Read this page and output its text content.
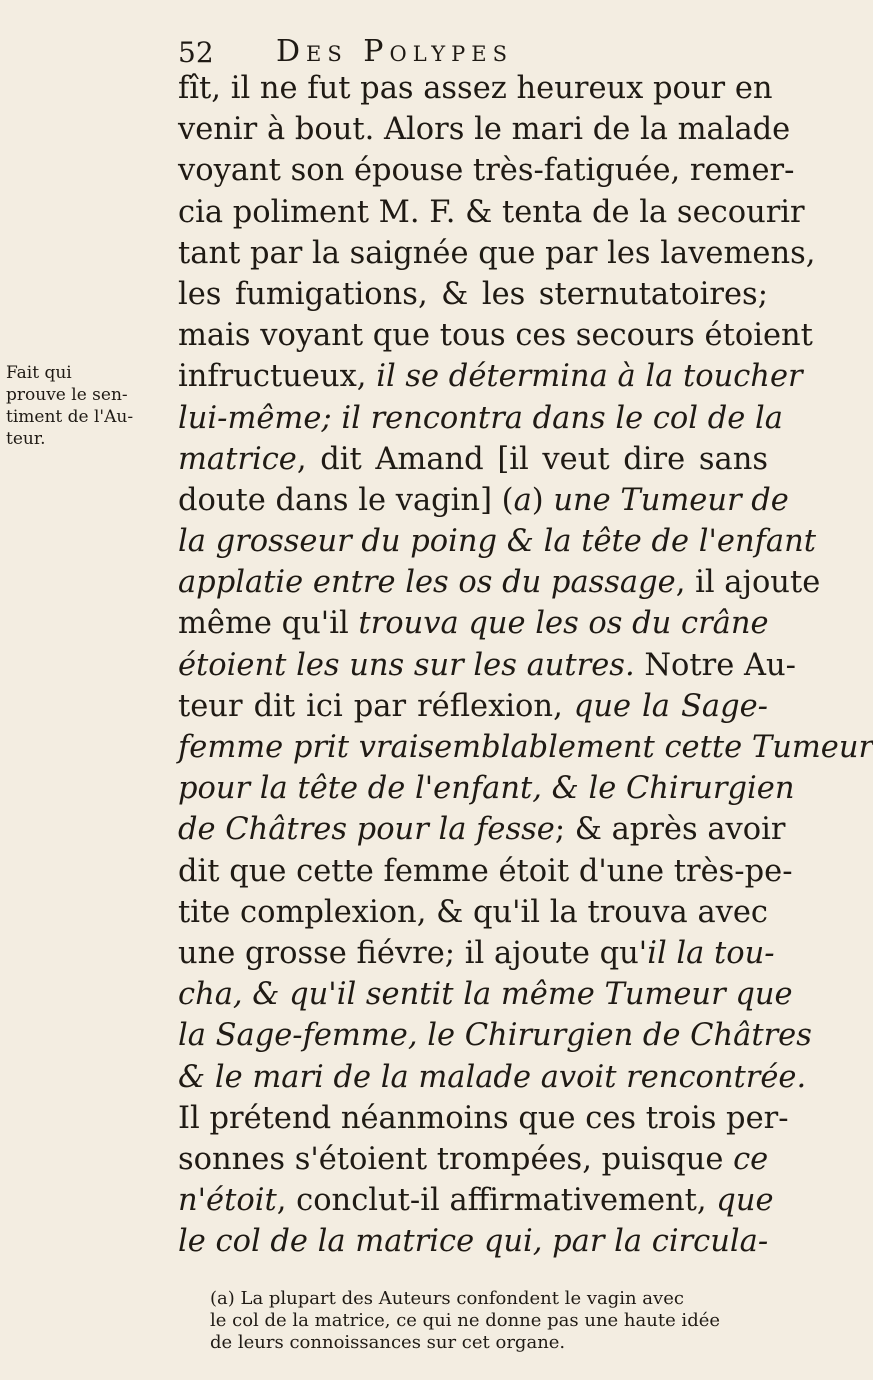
52 Des Polypes
Fait qui
prouve le sen-
timent de l'Au-
teur.
fît, il ne fut pas assez heureux pour en
venir à bout. Alors le mari de la malade
voyant son épouse très-fatiguée, remer-
cia poliment M. F. & tenta de la secourir
tant par la saignée que par les lavemens,
les fumigations, & les sternutatoires;
mais voyant que tous ces secours étoient
infructueux, il se détermina à la toucher
lui-même; il rencontra dans le col de la
matrice, dit Amand [il veut dire sans
doute dans le vagin] (a) une Tumeur de
la grosseur du poing & la tête de l'enfant
applatie entre les os du passage, il ajoute
même qu'il trouva que les os du crâne
étoient les uns sur les autres. Notre Au-
teur dit ici par réflexion, que la Sage-
femme prit vraisemblablement cette Tumeur
pour la tête de l'enfant, & le Chirurgien
de Châtres pour la fesse; & après avoir
dit que cette femme étoit d'une très-pe-
tite complexion, & qu'il la trouva avec
une grosse fiévre; il ajoute qu'il la tou-
cha, & qu'il sentit la même Tumeur que
la Sage-femme, le Chirurgien de Châtres
& le mari de la malade avoit rencontrée.
Il prétend néanmoins que ces trois per-
sonnes s'étoient trompées, puisque ce
n'étoit, conclut-il affirmativement, que
le col de la matrice qui, par la circula-
(a) La plupart des Auteurs confondent le vagin avec
le col de la matrice, ce qui ne donne pas une haute idée
de leurs connoissances sur cet organe.
